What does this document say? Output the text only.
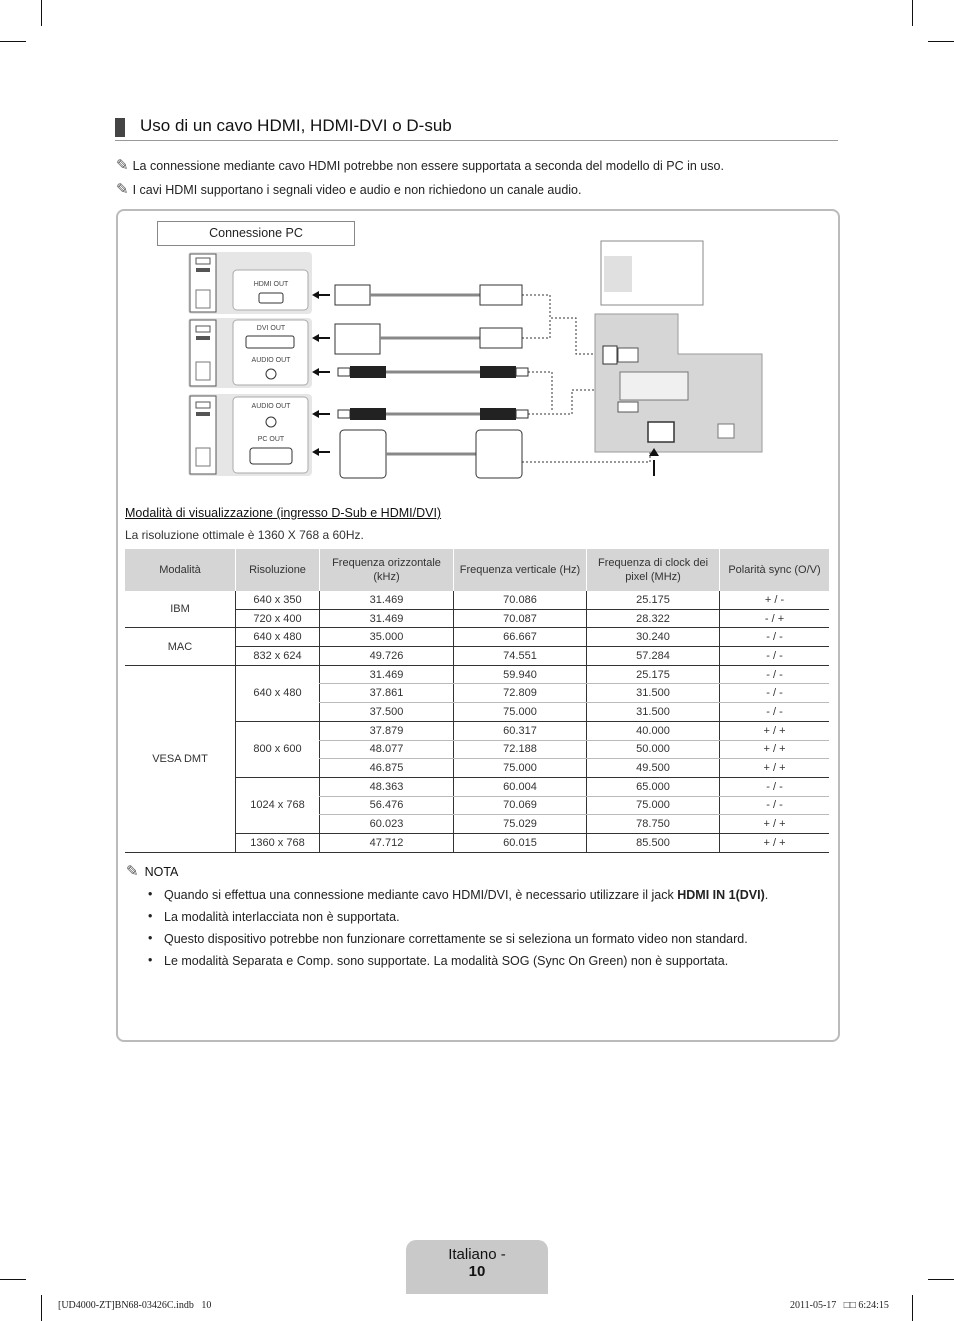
Uso di un cavo HDMI, HDMI-DVI o D-sub
✎ La connessione mediante cavo HDMI potrebbe non essere supportata a seconda del modello di PC in uso.
✎ I cavi HDMI supportano i segnali video e audio e non richiedono un canale audio.
Connessione PC
HDMI OUT
DVI OUT
AUDIO OUT
AUDIO OUT
PC OUT
Modalità di visualizzazione (ingresso D-Sub e HDMI/DVI)
La risoluzione ottimale è 1360 X 768 a 60Hz.
Modalità	Risoluzione	Frequenza orizzontale (kHz)	Frequenza verticale (Hz)	Frequenza di clock dei pixel (MHz)	Polarità sync (O/V)
IBM	640 x 350	31.469	70.086	25.175	+ / -
	720 x 400	31.469	70.087	28.322	- / +
MAC	640 x 480	35.000	66.667	30.240	- / -
	832 x 624	49.726	74.551	57.284	- / -
VESA DMT	640 x 480	31.469	59.940	25.175	- / -
		37.861	72.809	31.500	- / -
		37.500	75.000	31.500	- / -
	800 x 600	37.879	60.317	40.000	+ / +
		48.077	72.188	50.000	+ / +
		46.875	75.000	49.500	+ / +
	1024 x 768	48.363	60.004	65.000	- / -
		56.476	70.069	75.000	- / -
		60.023	75.029	78.750	+ / +
	1360 x 768	47.712	60.015	85.500	+ / +
✎ NOTA
• Quando si effettua una connessione mediante cavo HDMI/DVI, è necessario utilizzare il jack HDMI IN 1(DVI).
• La modalità interlacciata non è supportata.
• Questo dispositivo potrebbe non funzionare correttamente se si seleziona un formato video non standard.
• Le modalità Separata e Comp. sono supportate. La modalità SOG (Sync On Green) non è supportata.
Italiano -
10
[UD4000-ZT]BN68-03426C.indb   10	2011-05-17   □□ 6:24:15
